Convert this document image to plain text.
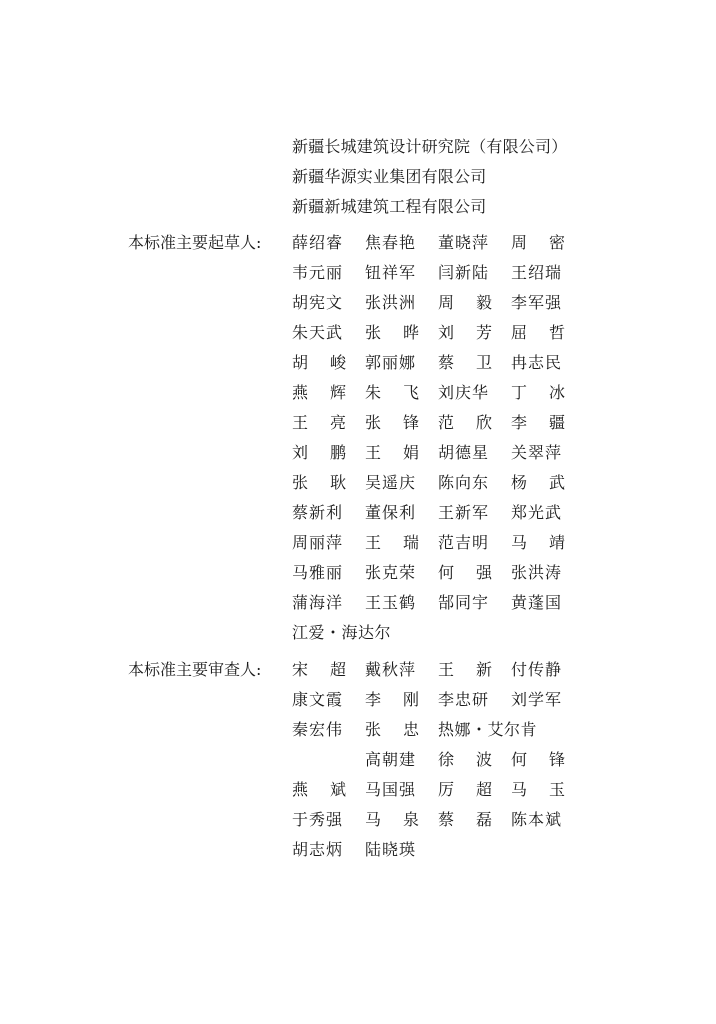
新疆长城建筑设计研究院（有限公司）
新疆华源实业集团有限公司
新疆新城建筑工程有限公司
本标准主要起草人:	薛绍睿 焦春艳 董晓萍 周 密
韦元丽 钮祥军 闫新陆 王绍瑞
胡宪文 张洪洲 周 毅 李军强
朱天武 张 晔 刘 芳 屈 哲
胡 峻 郭丽娜 蔡 卫 冉志民
燕 辉 朱 飞 刘庆华 丁 冰
王 亮 张 锋 范 欣 李 疆
刘 鹏 王 娟 胡德星 关翠萍
张 耿 吴遥庆 陈向东 杨 武
蔡新利 董保利 王新军 郑光武
周丽萍 王 瑞 范吉明 马 靖
马雅丽 张克荣 何 强 张洪涛
蒲海洋 王玉鹤 郜同宇 黄蓬国
江爱・海达尔
本标准主要审查人:	宋 超 戴秋萍 王 新 付传静
康文霞 李 刚 李忠研 刘学军
秦宏伟 张 忠 热娜・艾尔肯
高朝建 徐 波 何 锋
燕 斌 马国强 厉 超 马 玉
于秀强 马 泉 蔡 磊 陈本斌
胡志炳 陆晓瑛
